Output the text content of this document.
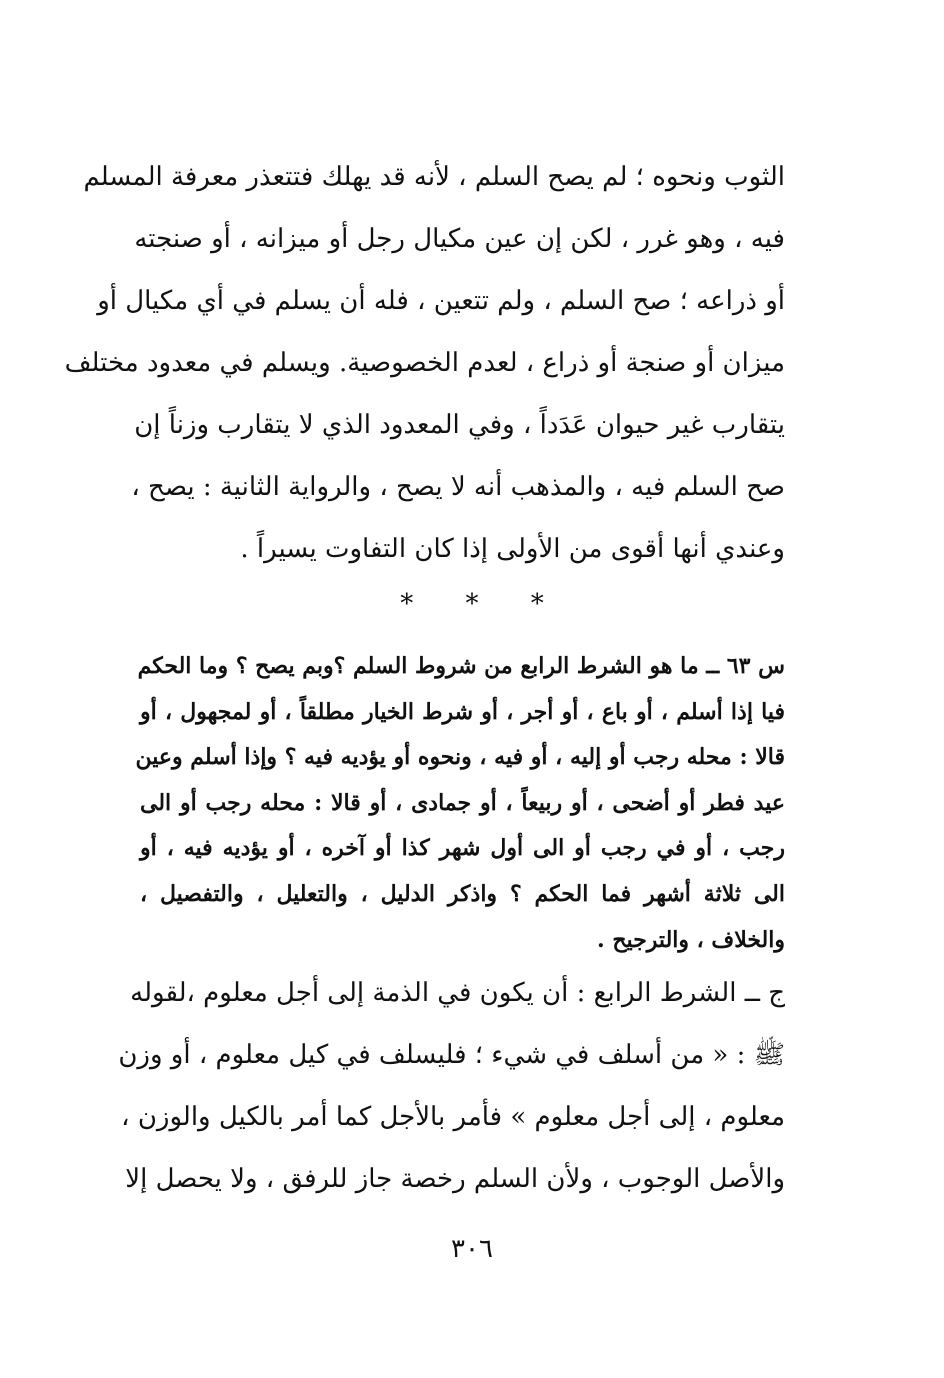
الثوب ونحوه ؛ لم يصح السلم ، لأنه قد يهلك فتتعذر معرفة المسلم
فيه ، وهو غرر ، لكن إن عين مكيال رجل أو ميزانه ، أو صنجته
أو ذراعه ؛ صح السلم ، ولم تتعين ، فله أن يسلم في أي مكيال أو
ميزان أو صنجة أو ذراع ، لعدم الخصوصية. ويسلم في معدود مختلف
يتقارب غير حيوان عَدَداً ، وفي المعدود الذي لا يتقارب وزناً إن
صح السلم فيه ، والمذهب أنه لا يصح ، والرواية الثانية : يصح ،
وعندي أنها أقوى من الأولى إذا كان التفاوت يسيراً .
* * *
س ٦٣ ــ ما هو الشرط الرابع من شروط السلم ؟وبم يصح ؟ وما الحكم
فيا إذا أسلم ، أو باع ، أو أجر ، أو شرط الخيار مطلقاً ، أو لمجهول ، أو
قالا : محله رجب أو إليه ، أو فيه ، ونحوه أو يؤديه فيه ؟ وإذا أسلم وعين
عيد فطر أو أضحى ، أو ربيعاً ، أو جمادى ، أو قالا : محله رجب أو الى
رجب ، أو في رجب أو الى أول شهر كذا أو آخره ، أو يؤديه فيه ، أو
الى ثلاثة أشهر فما الحكم ؟ واذكر الدليل ، والتعليل ، والتفصيل ،
والخلاف ، والترجيح .
ج ــ الشرط الرابع : أن يكون في الذمة إلى أجل معلوم ،لقوله
ﷺ : « من أسلف في شيء ؛ فليسلف في كيل معلوم ، أو وزن
معلوم ، إلى أجل معلوم » فأمر بالأجل كما أمر بالكيل والوزن ،
والأصل الوجوب ، ولأن السلم رخصة جاز للرفق ، ولا يحصل إلا
٣٠٦
